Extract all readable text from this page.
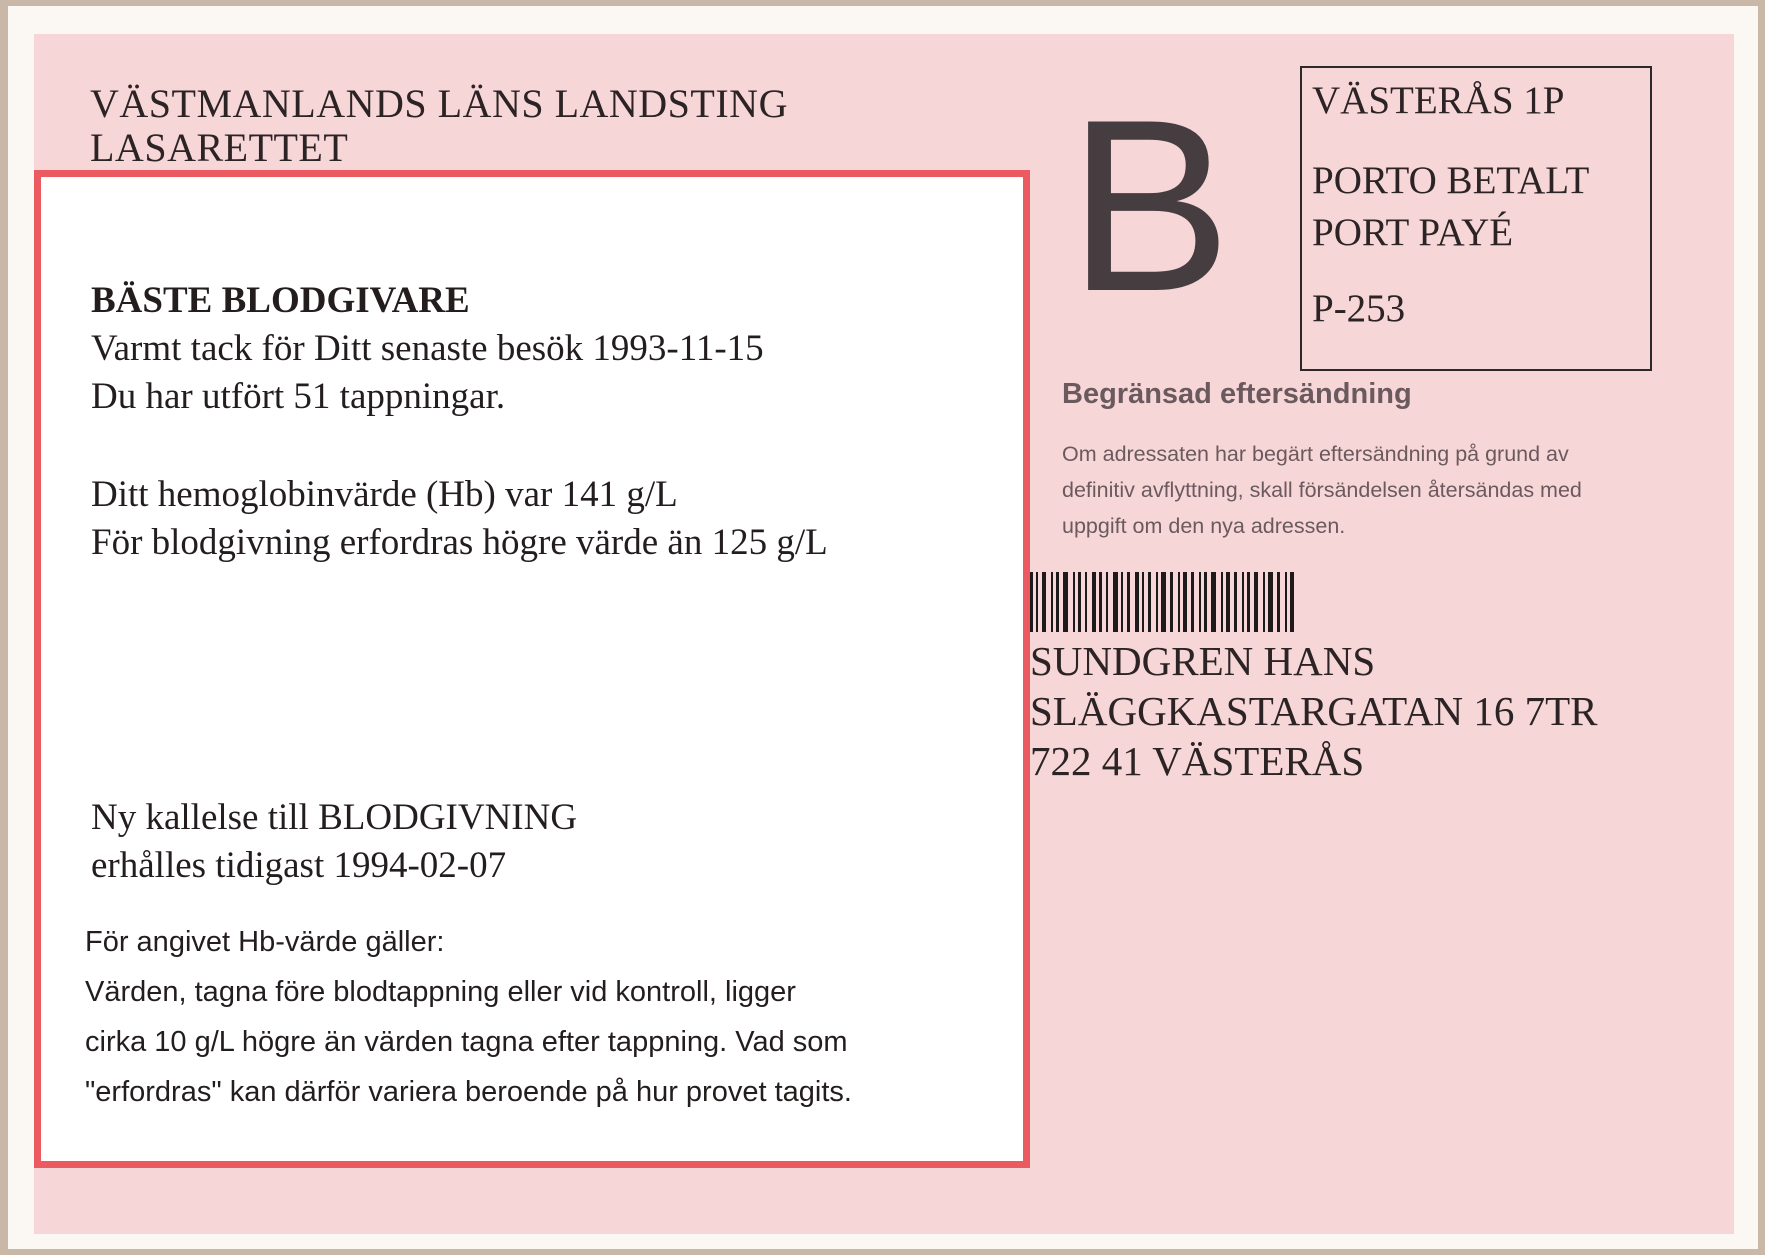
VÄSTMANLANDS LÄNS LANDSTING
LASARETTET
BÄSTE BLODGIVARE
Varmt tack för Ditt senaste besök 1993-11-15
Du har utfört 51 tappningar.
Ditt hemoglobinvärde (Hb) var 141 g/L
För blodgivning erfordras högre värde än 125 g/L
Ny kallelse till BLODGIVNING
erhålles tidigast 1994-02-07
För angivet Hb-värde gäller:
Värden, tagna före blodtappning eller vid kontroll, ligger
cirka 10 g/L högre än värden tagna efter tappning. Vad som
"erfordras" kan därför variera beroende på hur provet tagits.
B VÄSTERÅS 1P
PORTO BETALT
PORT PAYÉ
P-253
Begränsad eftersändning
Om adressaten har begärt eftersändning på grund av
definitiv avflyttning, skall försändelsen återsändas med
uppgift om den nya adressen.
SUNDGREN HANS
SLÄGGKASTARGATAN 16 7TR
722 41 VÄSTERÅS
